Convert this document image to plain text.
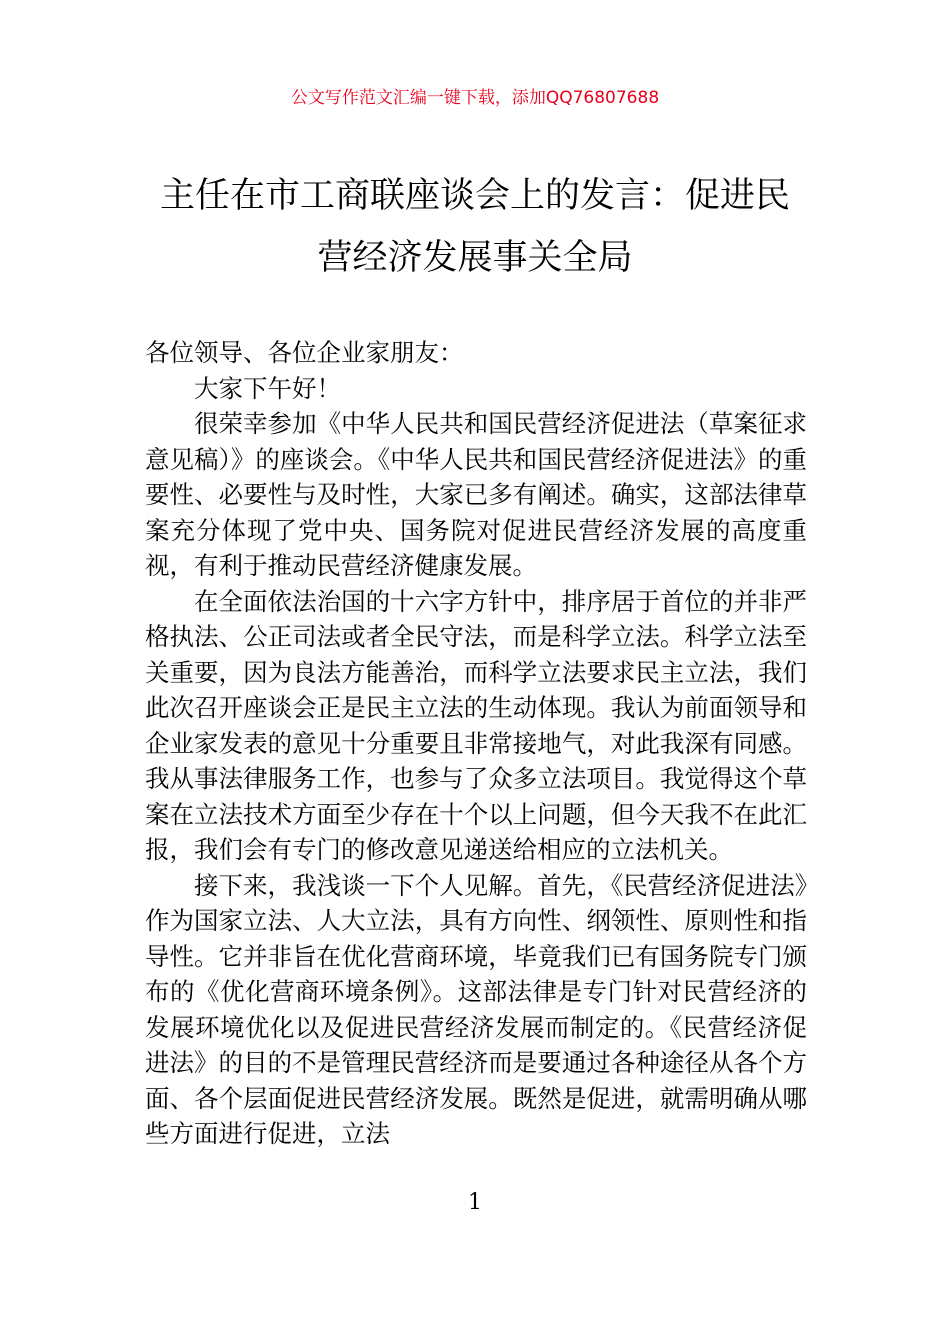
公文写作范文汇编一键下载，添加QQ76807688
主任在市工商联座谈会上的发言：促进民
营经济发展事关全局

各位领导、各位企业家朋友：

大家下午好！

很荣幸参加《中华人民共和国民营经济促进法（草案征求意见稿）》的座谈会。《中华人民共和国民营经济促进法》的重要性、必要性与及时性，大家已多有阐述。确实，这部法律草案充分体现了党中央、国务院对促进民营经济发展的高度重视，有利于推动民营经济健康发展。

在全面依法治国的十六字方针中，排序居于首位的并非严格执法、公正司法或者全民守法，而是科学立法。科学立法至关重要，因为良法方能善治，而科学立法要求民主立法，我们此次召开座谈会正是民主立法的生动体现。我认为前面领导和企业家发表的意见十分重要且非常接地气，对此我深有同感。我从事法律服务工作，也参与了众多立法项目。我觉得这个草案在立法技术方面至少存在十个以上问题，但今天我不在此汇报，我们会有专门的修改意见递送给相应的立法机关。

接下来，我浅谈一下个人见解。首先，《民营经济促进法》作为国家立法、人大立法，具有方向性、纲领性、原则性和指导性。它并非旨在优化营商环境，毕竟我们已有国务院专门颁布的《优化营商环境条例》。这部法律是专门针对民营经济的发展环境优化以及促进民营经济发展而制定的。《民营经济促进法》的目的不是管理民营经济而是要通过各种途径从各个方面、各个层面促进民营经济发展。既然是促进，就需明确从哪些方面进行促进，立法

1
